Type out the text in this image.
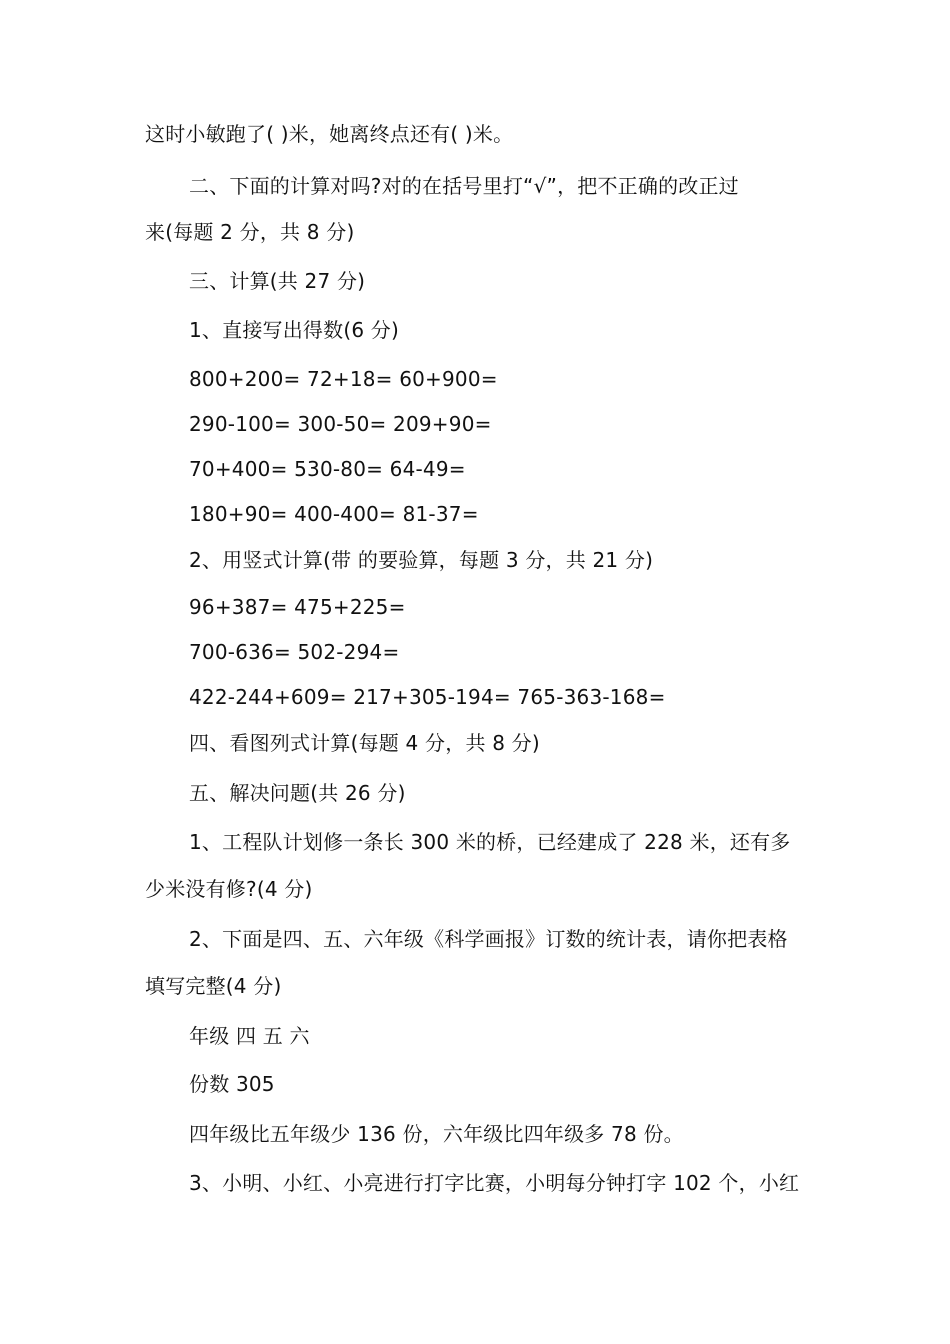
这时小敏跑了( )米，她离终点还有( )米。
二、下面的计算对吗?对的在括号里打“√”，把不正确的改正过
来(每题 2 分，共 8 分)
三、计算(共 27 分)
1、直接写出得数(6 分)
800+200= 72+18= 60+900=
290-100= 300-50= 209+90=
70+400= 530-80= 64-49=
180+90= 400-400= 81-37=
2、用竖式计算(带 的要验算，每题 3 分，共 21 分)
96+387= 475+225=
700-636= 502-294=
422-244+609= 217+305-194= 765-363-168=
四、看图列式计算(每题 4 分，共 8 分)
五、解决问题(共 26 分)
1、工程队计划修一条长 300 米的桥，已经建成了 228 米，还有多
少米没有修?(4 分)
2、下面是四、五、六年级《科学画报》订数的统计表，请你把表格
填写完整(4 分)
年级 四 五 六
份数 305
四年级比五年级少 136 份，六年级比四年级多 78 份。
3、小明、小红、小亮进行打字比赛，小明每分钟打字 102 个，小红
